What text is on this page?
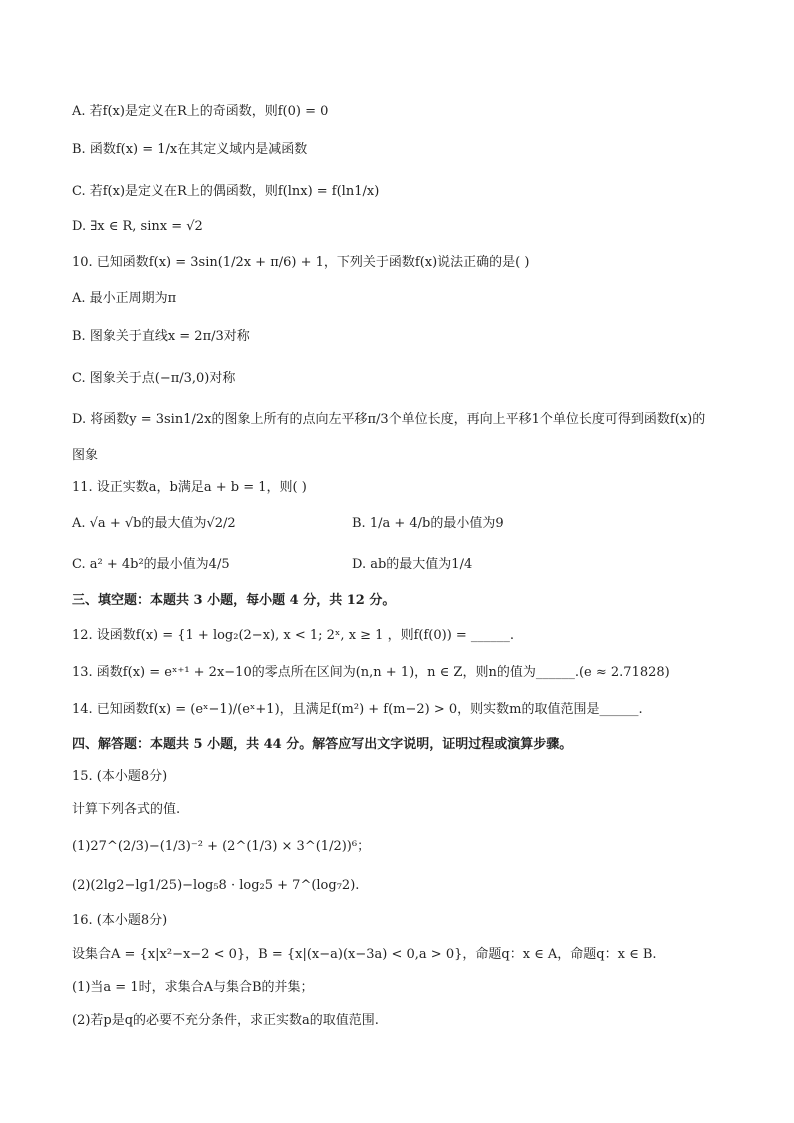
A. 若f(x)是定义在R上的奇函数，则f(0) = 0
B. 函数f(x) = 1/x在其定义域内是减函数
C. 若f(x)是定义在R上的偶函数，则f(lnx) = f(ln1/x)
D. ∃x ∈ R, sinx = √2
10. 已知函数f(x) = 3sin(1/2x + π/6) + 1，下列关于函数f(x)说法正确的是( )
A. 最小正周期为π
B. 图象关于直线x = 2π/3对称
C. 图象关于点(−π/3,0)对称
D. 将函数y = 3sin1/2x的图象上所有的点向左平移π/3个单位长度，再向上平移1个单位长度可得到函数f(x)的
图象
11. 设正实数a，b满足a + b = 1，则( )
A. √a + √b的最大值为√2/2	B. 1/a + 4/b的最小值为9
C. a² + 4b²的最小值为4/5	D. ab的最大值为1/4
三、填空题：本题共 3 小题，每小题 4 分，共 12 分。
12. 设函数f(x) = {1 + log₂(2−x), x < 1; 2ˣ, x ≥ 1 ，则f(f(0)) = ______.
13. 函数f(x) = eˣ⁺¹ + 2x−10的零点所在区间为(n,n + 1)，n ∈ Z，则n的值为______.(e ≈ 2.71828)
14. 已知函数f(x) = (eˣ−1)/(eˣ+1)，且满足f(m²) + f(m−2) > 0，则实数m的取值范围是______.
四、解答题：本题共 5 小题，共 44 分。解答应写出文字说明，证明过程或演算步骤。
15. (本小题8分)
计算下列各式的值.
(1)27^(2/3)−(1/3)⁻² + (2^(1/3) × 3^(1/2))⁶；
(2)(2lg2−lg1/25)−log₅8 · log₂5 + 7^(log₇2).
16. (本小题8分)
设集合A = {x|x²−x−2 < 0}，B = {x|(x−a)(x−3a) < 0,a > 0}，命题q：x ∈ A，命题q：x ∈ B.
(1)当a = 1时，求集合A与集合B的并集；
(2)若p是q的必要不充分条件，求正实数a的取值范围.
